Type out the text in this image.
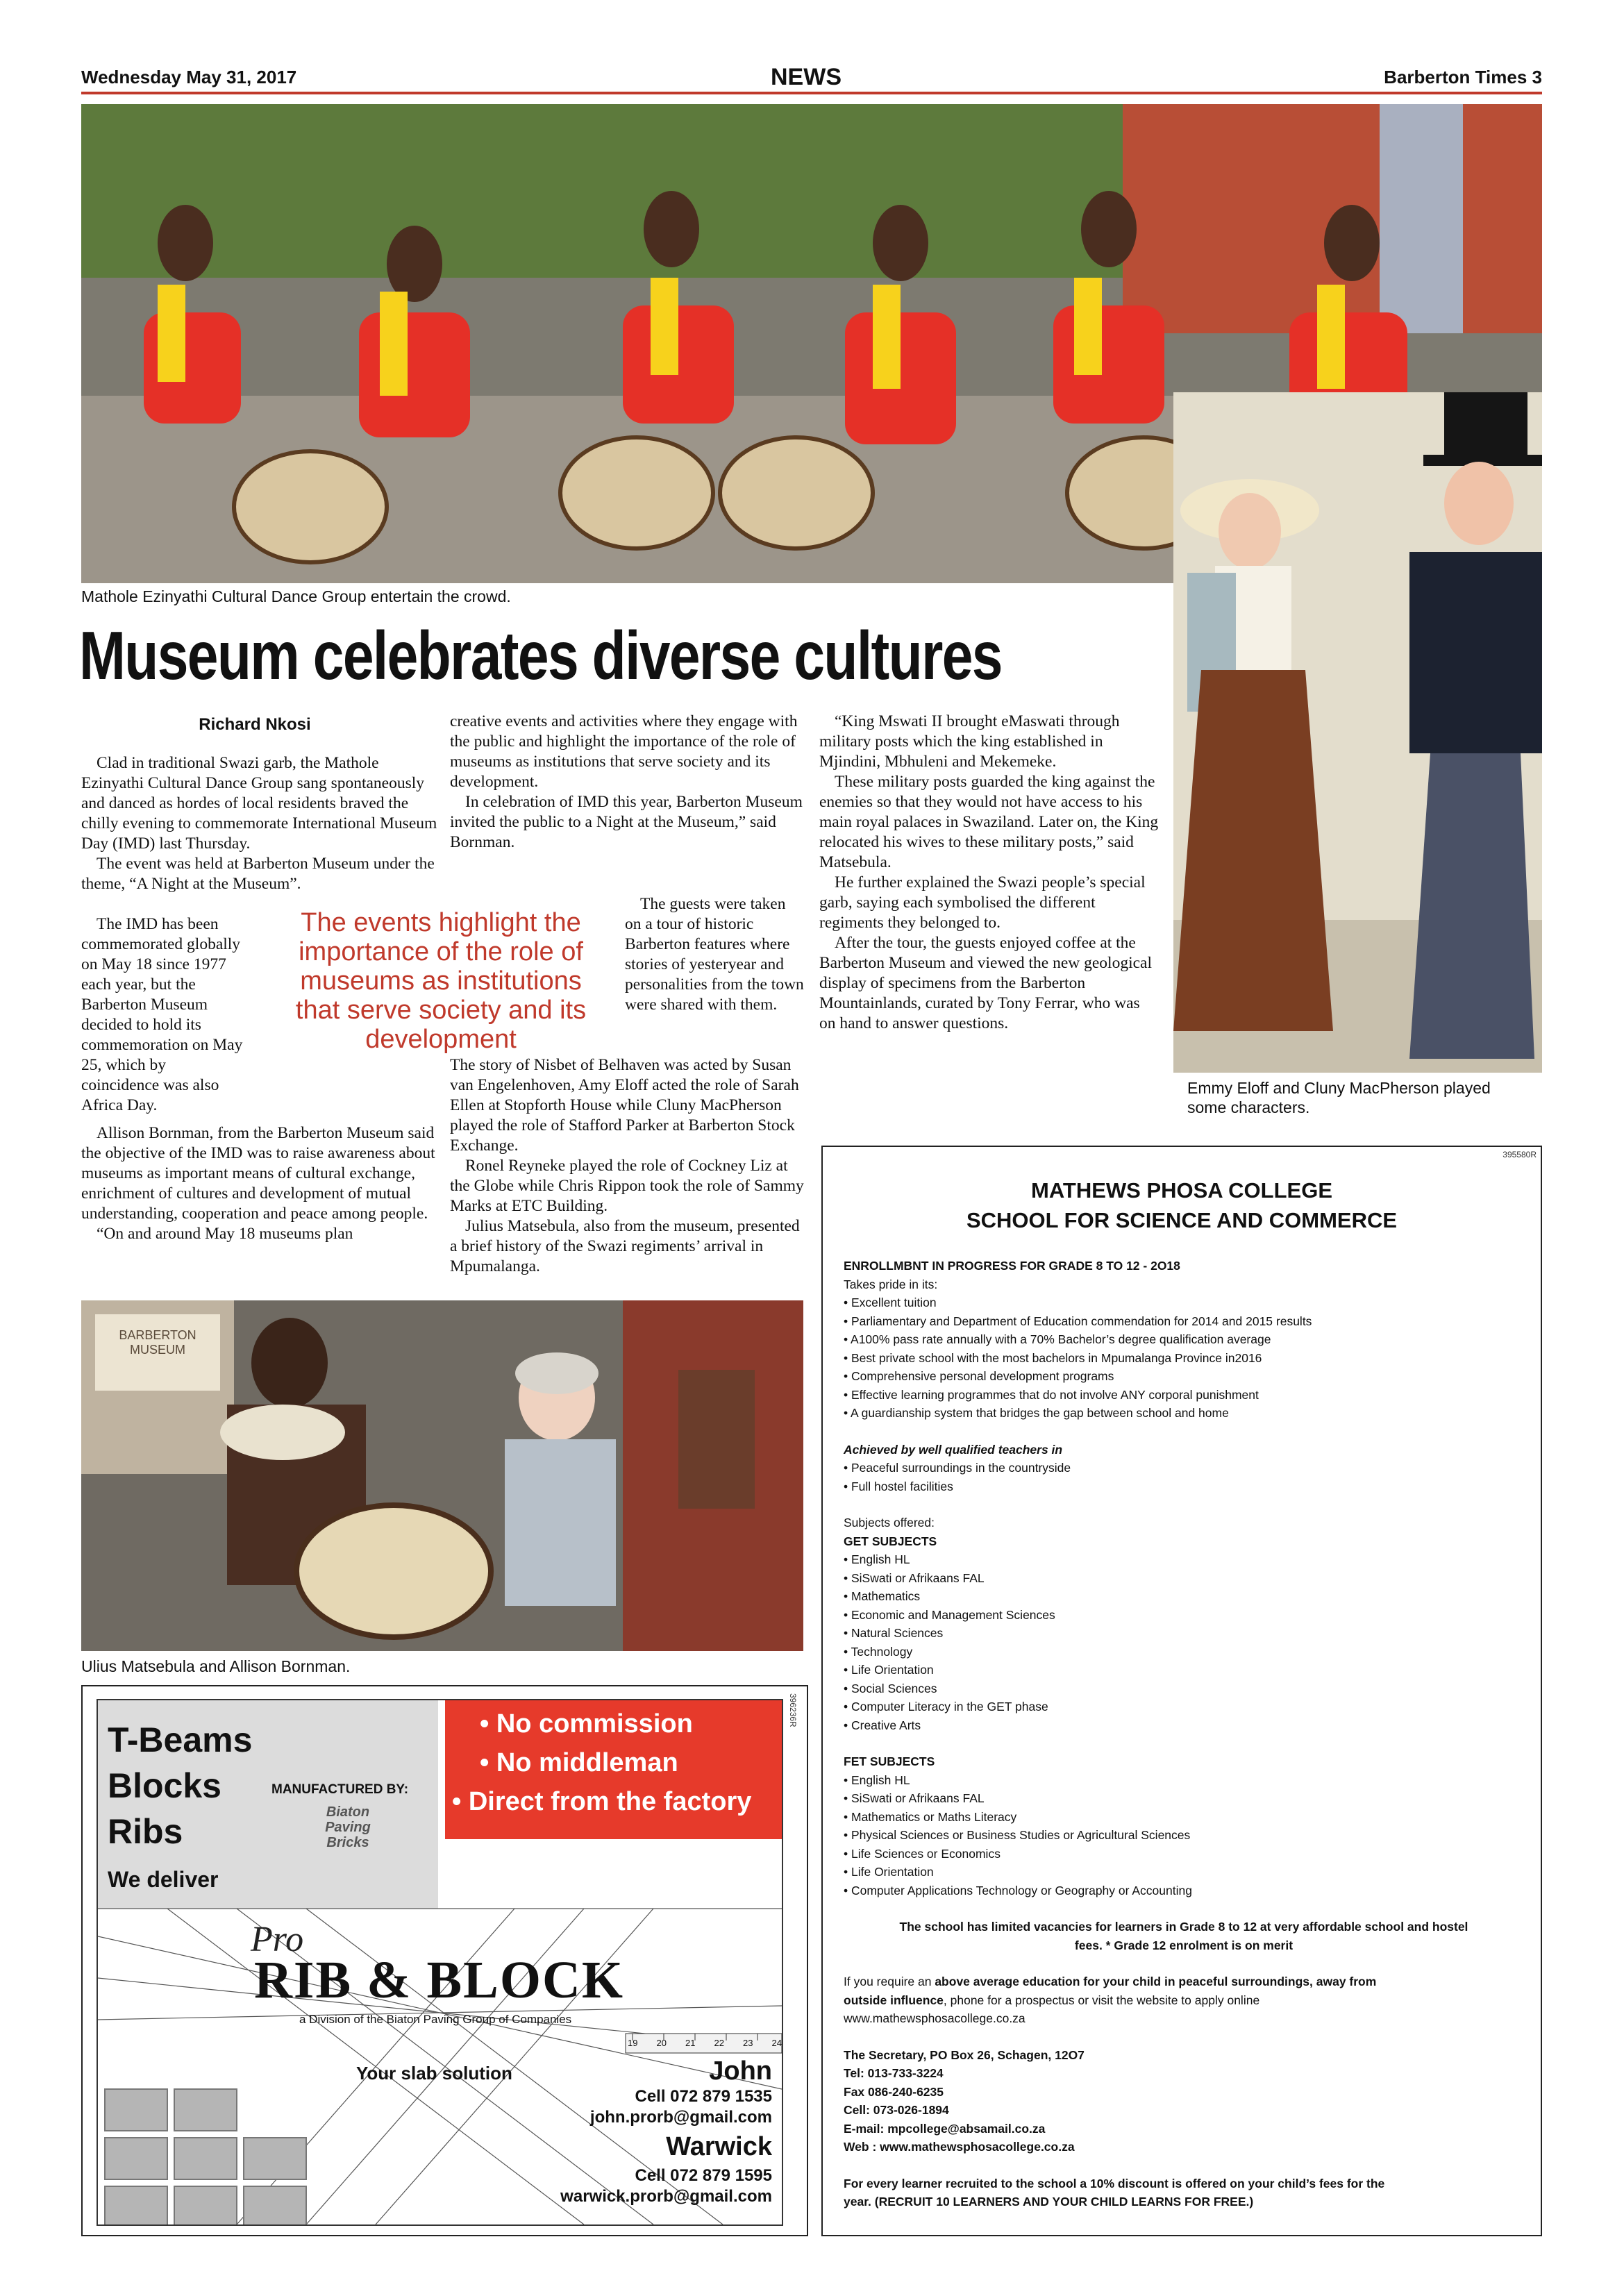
Wednesday May 31, 2017	NEWS	Barberton Times 3
Mathole Ezinyathi Cultural Dance Group entertain the crowd.
Museum celebrates diverse cultures
Richard Nkosi

Clad in traditional Swazi garb, the Mathole Ezinyathi Cultural Dance Group sang spontaneously and danced as hordes of local residents braved the chilly evening to commemorate International Museum Day (IMD) last Thursday.

The event was held at Barberton Museum under the theme, “A Night at the Museum”.

The IMD has been commemorated globally on May 18 since 1977 each year, but the Barberton Museum decided to hold its commemoration on May 25, which by coincidence was also Africa Day.

Allison Bornman, from the Barberton Museum said the objective of the IMD was to raise awareness about museums as important means of cultural exchange, enrichment of cultures and development of mutual understanding, cooperation and peace among people.

“On and around May 18 museums plan

creative events and activities where they engage with the public and highlight the importance of the role of museums as institutions that serve society and its development.

In celebration of IMD this year, Barberton Museum invited the public to a Night at the Museum,” said Bornman.

The guests were taken on a tour of historic Barberton features where stories of yesteryear and personalities from the town were shared with them.

The story of Nisbet of Belhaven was acted by Susan van Engelenhoven, Amy Eloff acted the role of Sarah Ellen at Stopforth House while Cluny MacPherson played the role of Stafford Parker at Barberton Stock Exchange.

Ronel Reyneke played the role of Cockney Liz at the Globe while Chris Rippon took the role of Sammy Marks at ETC Building.

Julius Matsebula, also from the museum, presented a brief history of the Swazi regiments’ arrival in Mpumalanga.

The events highlight the importance of the role of museums as institutions that serve society and its development

“King Mswati II brought eMaswati through military posts which the king established in Mjindini, Mbhuleni and Mekemeke.

These military posts guarded the king against the enemies so that they would not have access to his main royal palaces in Swaziland. Later on, the King relocated his wives to these military posts,” said Matsebula.

He further explained the Swazi people’s special garb, saying each symbolised the different regiments they belonged to.

After the tour, the guests enjoyed coffee at the Barberton Museum and viewed the new geological display of specimens from the Barberton Mountainlands, curated by Tony Ferrar, who was on hand to answer questions.

Emmy Eloff and Cluny MacPherson played
some characters.
BARBERTON MUSEUM
Ulius Matsebula and Allison Bornman.
395580R
MATHEWS PHOSA COLLEGE
SCHOOL FOR SCIENCE AND COMMERCE
ENROLLMBNT IN PROGRESS FOR GRADE 8 TO 12 - 2O18
Takes pride in its:
• Excellent tuition
• Parliamentary and Department of Education commendation for 2014 and 2015 results
• A100% pass rate annually with a 70% Bachelor’s degree qualification average
• Best private school with the most bachelors in Mpumalanga Province in2016
• Comprehensive personal development programs
• Effective learning programmes that do not involve ANY corporal punishment
• A guardianship system that bridges the gap between school and home
Achieved by well qualified teachers in
• Peaceful surroundings in the countryside
• Full hostel facilities
Subjects offered:
GET SUBJECTS
• English HL
• SiSwati or Afrikaans FAL
• Mathematics
• Economic and Management Sciences
• Natural Sciences
• Technology
• Life Orientation
• Social Sciences
• Computer Literacy in the GET phase
• Creative Arts
FET SUBJECTS
• English HL
• SiSwati or Afrikaans FAL
• Mathematics or Maths Literacy
• Physical Sciences or Business Studies or Agricultural Sciences
• Life Sciences or Economics
• Life Orientation
• Computer Applications Technology or Geography or Accounting
The school has limited vacancies for learners in Grade 8 to 12 at very affordable school and hostel
fees. * Grade 12 enrolment is on merit
If you require an above average education for your child in peaceful surroundings, away from
outside influence, phone for a prospectus or visit the website to apply online
www.mathewsphosacollege.co.za
The Secretary, PO Box 26, Schagen, 12O7
Tel: 013-733-3224
Fax 086-240-6235
Cell: 073-026-1894
E-mail: mpcollege@absamail.co.za
Web : www.mathewsphosacollege.co.za
For every learner recruited to the school a 10% discount is offered on your child’s fees for the
year. (RECRUIT 10 LEARNERS AND YOUR CHILD LEARNS FOR FREE.)
396236R
T-Beams
Blocks
Ribs
We deliver
MANUFACTURED BY:
Biaton Paving Bricks
• No commission
• No middleman
• Direct from the factory
Pro
RIB & BLOCK
a Division of the Biaton Paving Group of Companies
Your slab solution
19 20 21 22 23 24
John
Cell 072 879 1535
john.prorb@gmail.com
Warwick
Cell 072 879 1595
warwick.prorb@gmail.com
